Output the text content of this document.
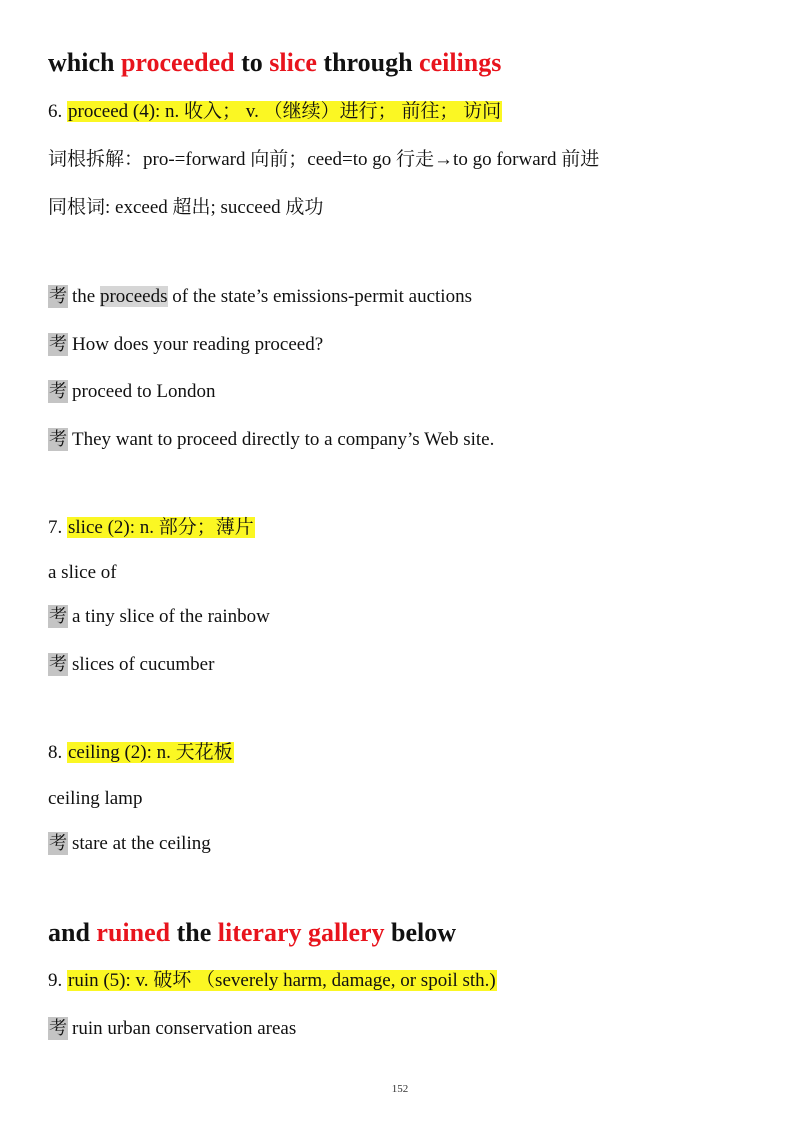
which proceeded to slice through ceilings
6. proceed (4): n. 收入； v. （继续）进行； 前往； 访问
词根拆解：pro-=forward 向前；ceed=to go 行走→to go forward 前进
同根词: exceed 超出; succeed 成功
考 the proceeds of the state’s emissions-permit auctions
考 How does your reading proceed?
考 proceed to London
考 They want to proceed directly to a company’s Web site.
7. slice (2): n. 部分；薄片
a slice of
考 a tiny slice of the rainbow
考 slices of cucumber
8. ceiling (2): n. 天花板
ceiling lamp
考 stare at the ceiling
and ruined the literary gallery below
9. ruin (5): v. 破坏 （severely harm, damage, or spoil sth.)
考 ruin urban conservation areas
152
